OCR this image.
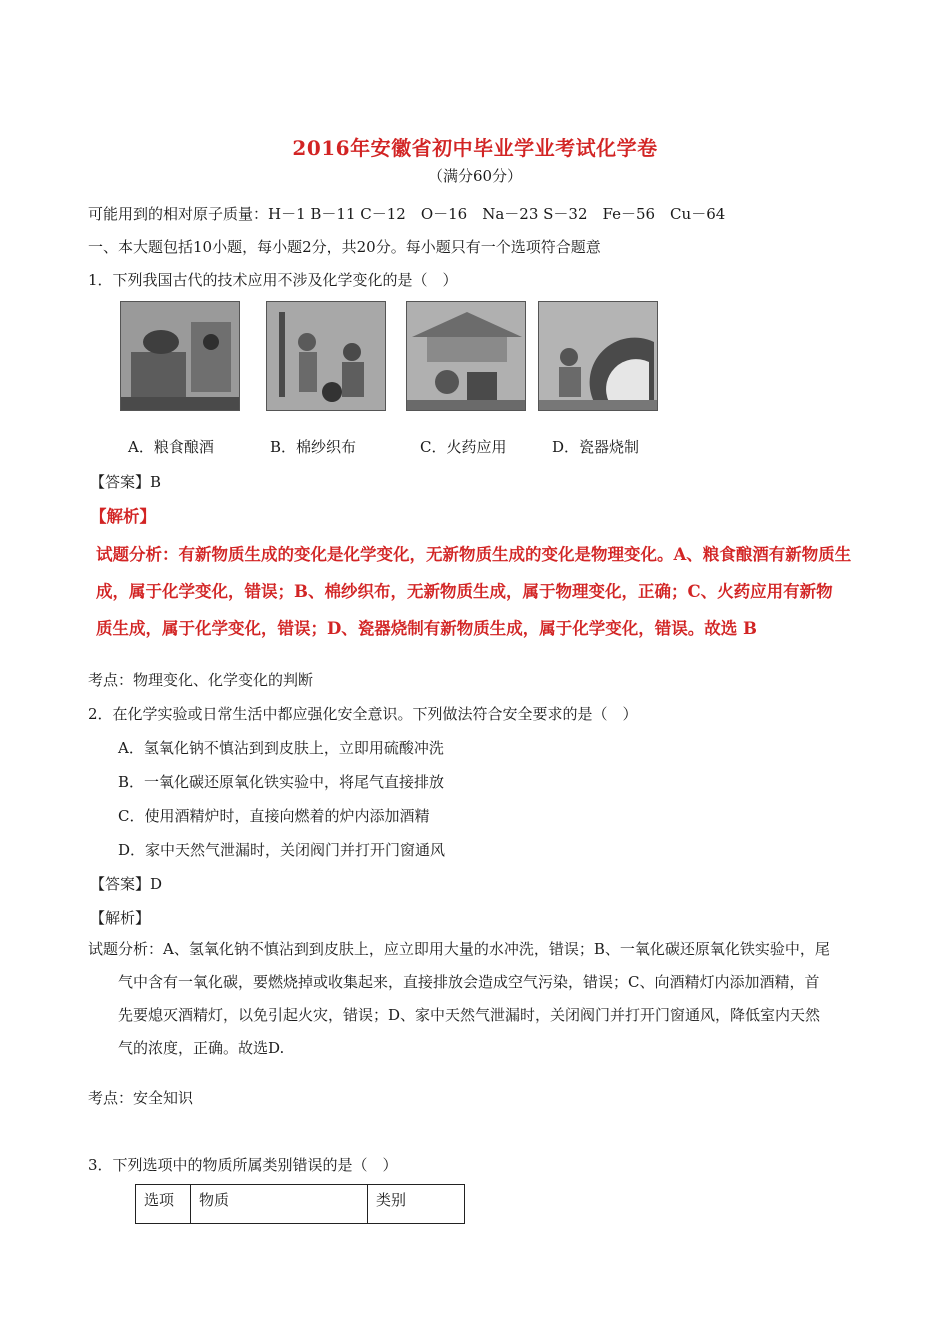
2016年安徽省初中毕业学业考试化学卷
（满分60分）
可能用到的相对原子质量：H－1 B－11 C－12　O－16　Na－23 S－32　Fe－56　Cu－64
一、本大题包括10小题，每小题2分，共20分。每小题只有一个选项符合题意
1．下列我国古代的技术应用不涉及化学变化的是（　）
A．粮食酿酒	B．棉纱织布	C．火药应用	D．瓷器烧制
【答案】B
【解析】
试题分析：有新物质生成的变化是化学变化，无新物质生成的变化是物理变化。A、粮食酿酒有新物质生
成，属于化学变化，错误；B、棉纱织布，无新物质生成，属于物理变化，正确；C、火药应用有新物
质生成，属于化学变化，错误；D、瓷器烧制有新物质生成，属于化学变化，错误。故选 B
考点：物理变化、化学变化的判断
2．在化学实验或日常生活中都应强化安全意识。下列做法符合安全要求的是（　）
A．氢氧化钠不慎沾到到皮肤上，立即用硫酸冲洗
B．一氧化碳还原氧化铁实验中，将尾气直接排放
C．使用酒精炉时，直接向燃着的炉内添加酒精
D．家中天然气泄漏时，关闭阀门并打开门窗通风
【答案】D
【解析】
试题分析：A、氢氧化钠不慎沾到到皮肤上，应立即用大量的水冲洗，错误；B、一氧化碳还原氧化铁实验中，尾
气中含有一氧化碳，要燃烧掉或收集起来，直接排放会造成空气污染，错误；C、向酒精灯内添加酒精，首
先要熄灭酒精灯，以免引起火灾，错误；D、家中天然气泄漏时，关闭阀门并打开门窗通风，降低室内天然
气的浓度，正确。故选D.
考点：安全知识
3．下列选项中的物质所属类别错误的是（　）
选项	物质	类别
